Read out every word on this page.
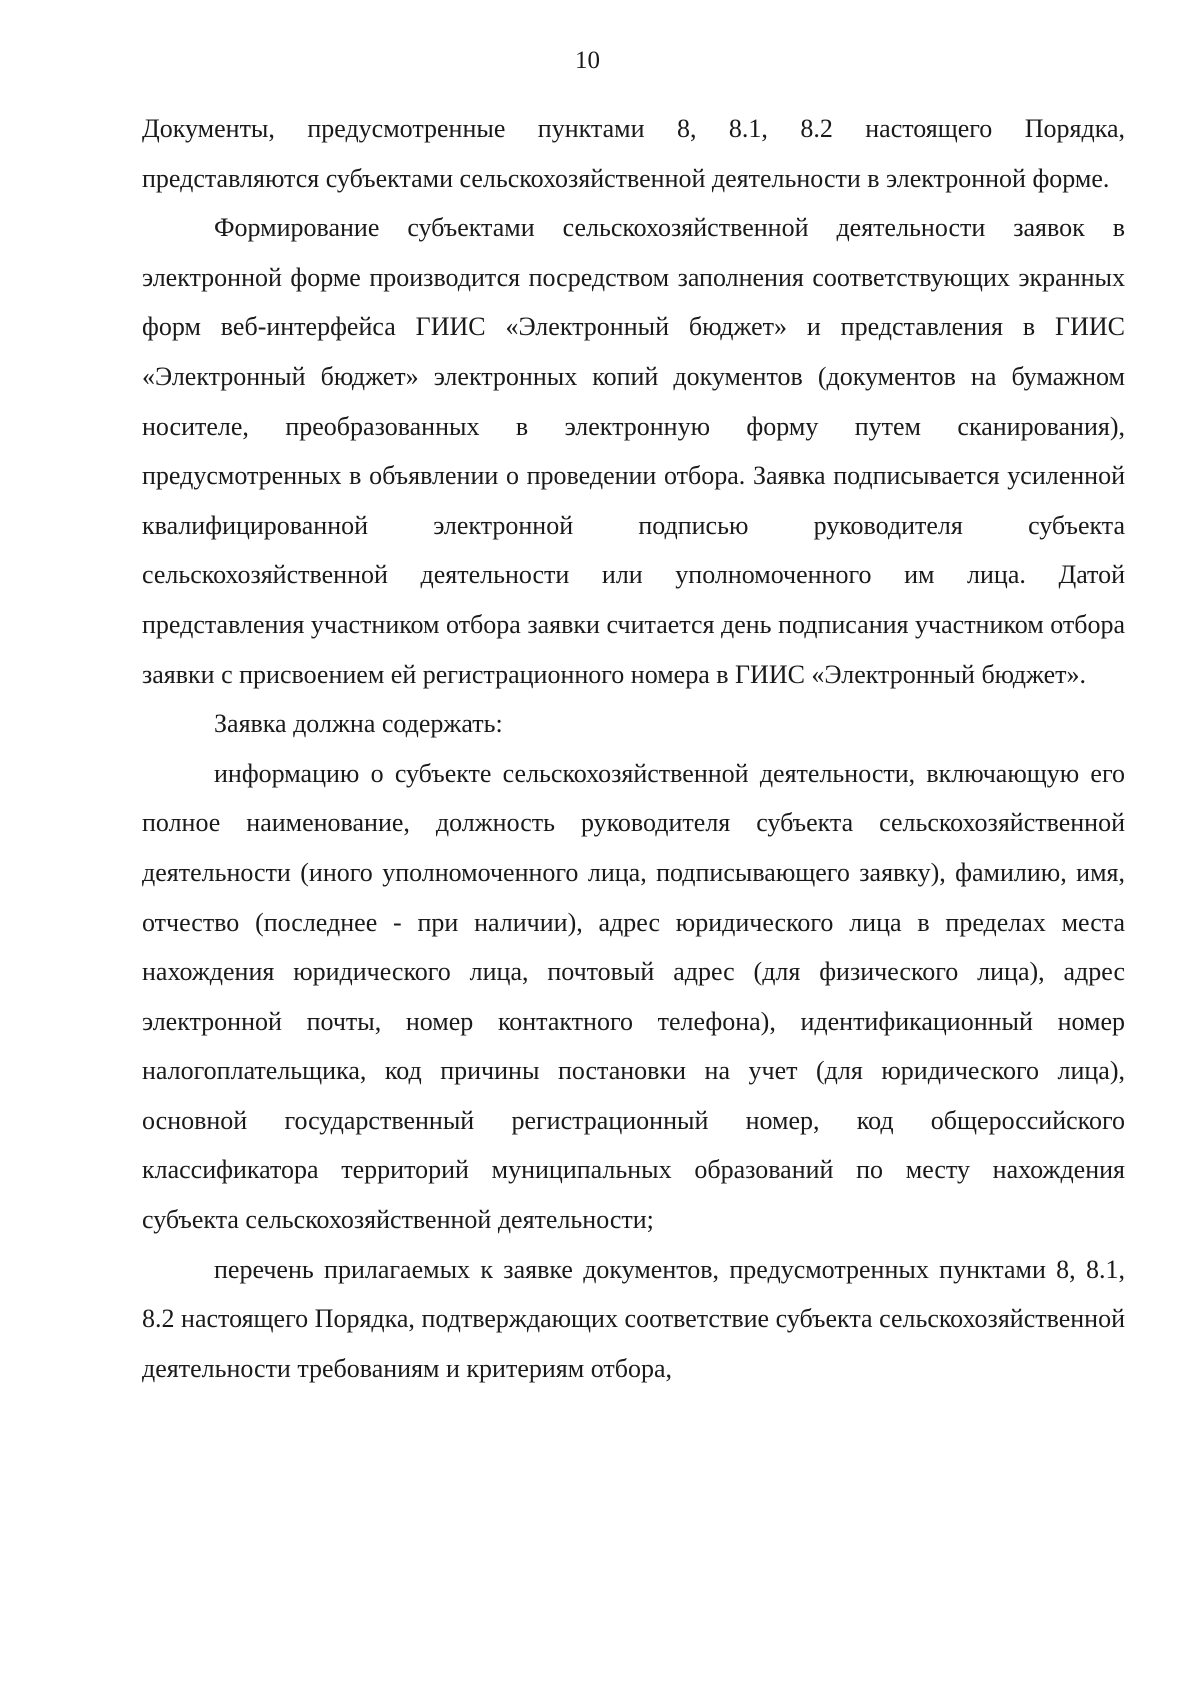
10

Документы, предусмотренные пунктами 8, 8.1, 8.2 настоящего Порядка, представляются субъектами сельскохозяйственной деятельности в электронной форме.

Формирование субъектами сельскохозяйственной деятельности заявок в электронной форме производится посредством заполнения соответствующих экранных форм веб-интерфейса ГИИС «Электронный бюджет» и представления в ГИИС «Электронный бюджет» электронных копий документов (документов на бумажном носителе, преобразованных в электронную форму путем сканирования), предусмотренных в объявлении о проведении отбора. Заявка подписывается усиленной квалифицированной электронной подписью руководителя субъекта сельскохозяйственной деятельности или уполномоченного им лица. Датой представления участником отбора заявки считается день подписания участником отбора заявки с присвоением ей регистрационного номера в ГИИС «Электронный бюджет».

Заявка должна содержать:

информацию о субъекте сельскохозяйственной деятельности, включающую его полное наименование, должность руководителя субъекта сельскохозяйственной деятельности (иного уполномоченного лица, подписывающего заявку), фамилию, имя, отчество (последнее - при наличии), адрес юридического лица в пределах места нахождения юридического лица, почтовый адрес (для физического лица), адрес электронной почты, номер контактного телефона), идентификационный номер налогоплательщика, код причины постановки на учет (для юридического лица), основной государственный регистрационный номер, код общероссийского классификатора территорий муниципальных образований по месту нахождения субъекта сельскохозяйственной деятельности;

перечень прилагаемых к заявке документов, предусмотренных пунктами 8, 8.1, 8.2 настоящего Порядка, подтверждающих соответствие субъекта сельскохозяйственной деятельности требованиям и критериям отбора,
